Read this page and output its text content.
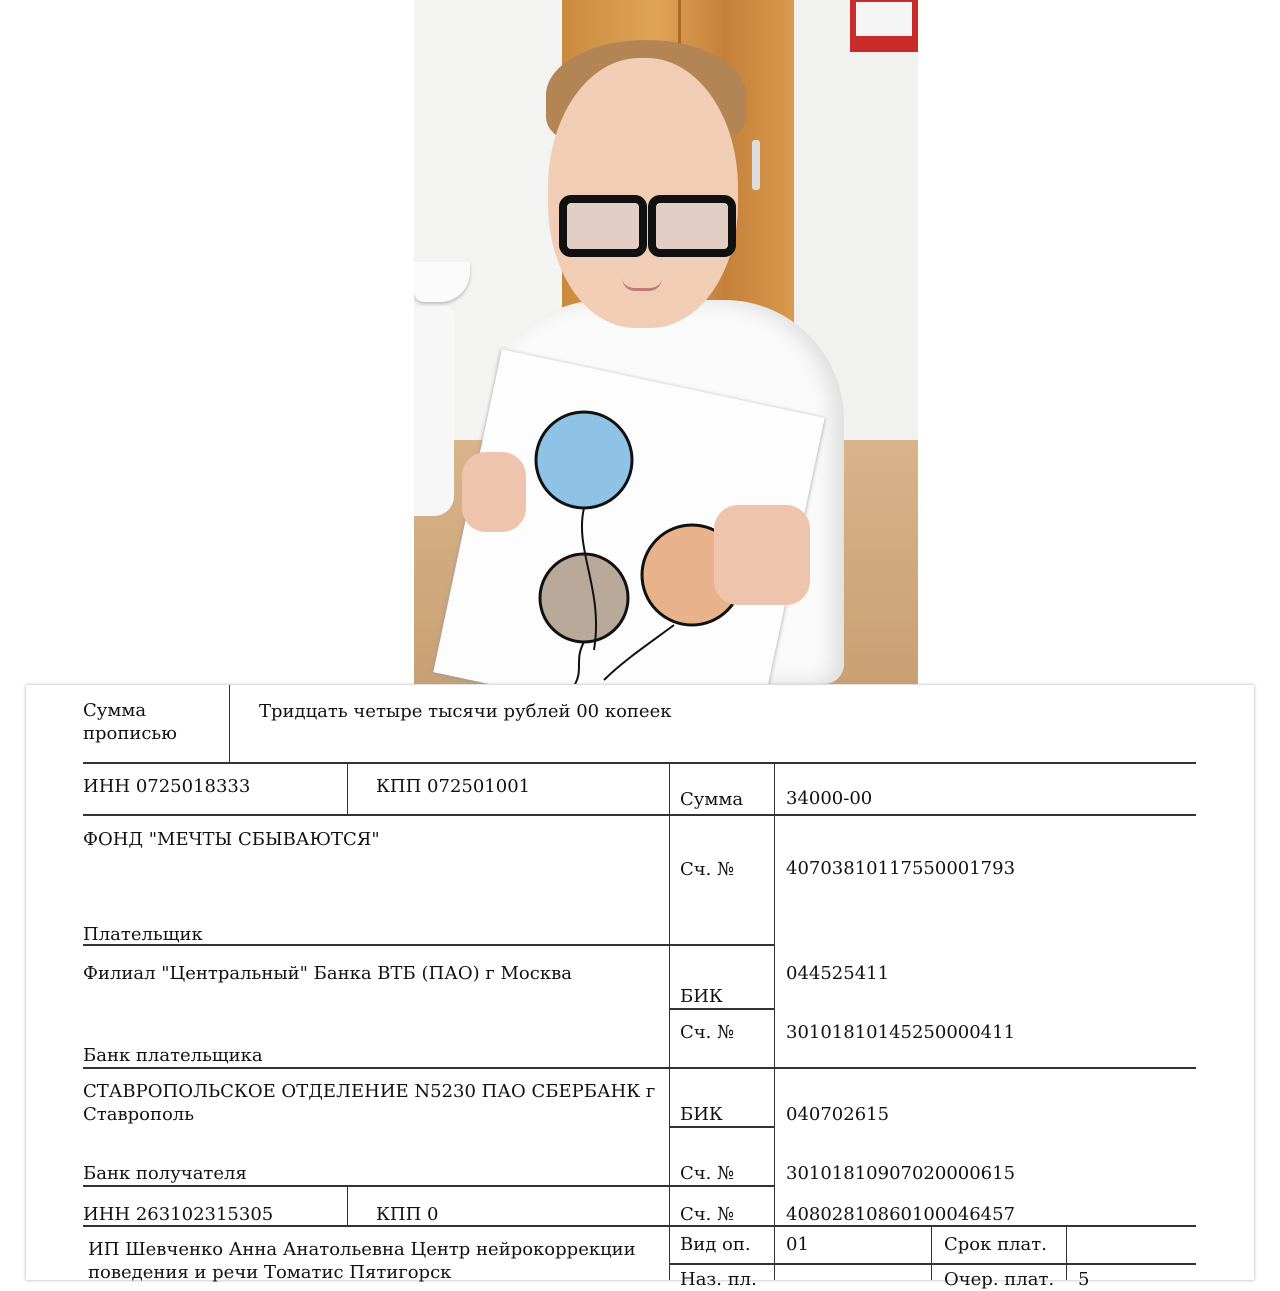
Сумма прописью
Тридцать четыре тысячи рублей 00 копеек
ИНН 0725018333	КПП 072501001
Сумма 34000-00
ФОНД "МЕЧТЫ СБЫВАЮТСЯ"
Сч. №	40703810117550001793
Плательщик
Филиал "Центральный" Банка ВТБ (ПАО) г Москва
БИК
044525411
Сч. №	30101810145250000411
Банк плательщика
СТАВРОПОЛЬСКОЕ ОТДЕЛЕНИЕ N5230 ПАО СБЕРБАНК г Ставрополь	БИК	040702615
Сч. №	30101810907020000615
Банк получателя
ИНН 263102315305	КПП 0	Сч. №	40802810860100046457
ИП Шевченко Анна Анатольевна Центр нейрокоррекции поведения и речи Томатис Пятигорск
Вид оп. 01	Срок плат.
Наз. пл.	Очер. плат. 5
